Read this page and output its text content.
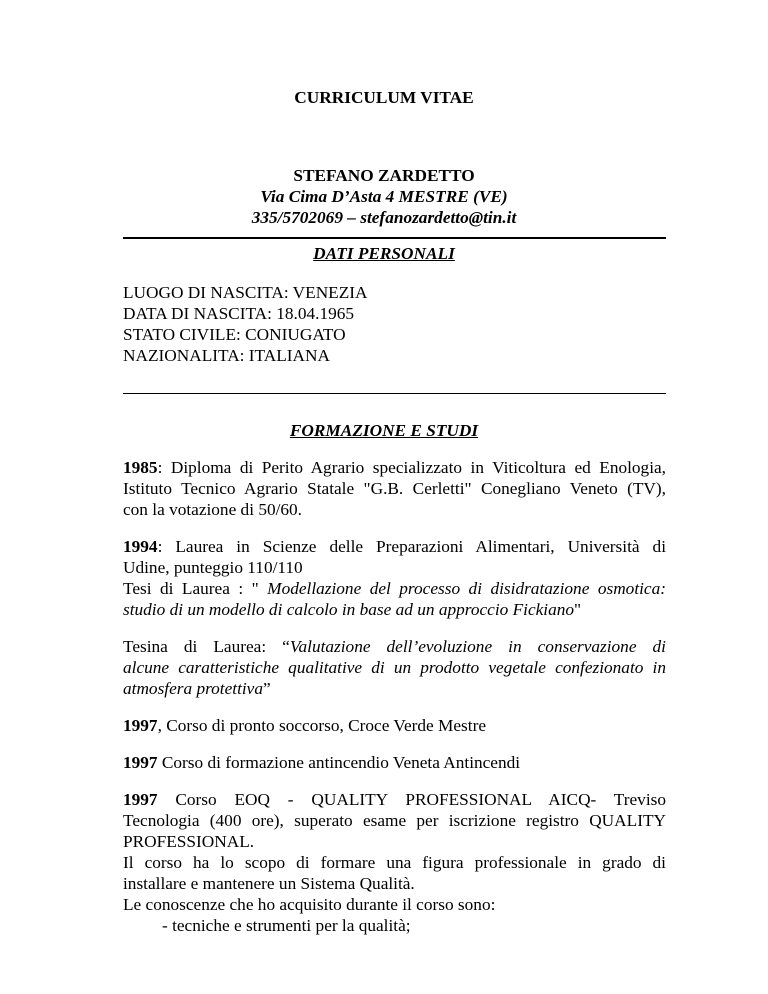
CURRICULUM VITAE
STEFANO ZARDETTO
Via Cima D’Asta 4 MESTRE (VE)
335/5702069 – stefanozardetto@tin.it
DATI PERSONALI
LUOGO DI NASCITA: VENEZIA
DATA DI NASCITA: 18.04.1965
STATO CIVILE: CONIUGATO
NAZIONALITA: ITALIANA
FORMAZIONE E STUDI
1985: Diploma di Perito Agrario specializzato in Viticoltura ed Enologia,
Istituto Tecnico Agrario Statale "G.B. Cerletti" Conegliano Veneto (TV),
con la votazione di 50/60.
1994: Laurea in Scienze delle Preparazioni Alimentari, Università di
Udine, punteggio 110/110
Tesi di Laurea : " Modellazione del processo di disidratazione osmotica:
studio di un modello di calcolo in base ad un approccio Fickiano"
Tesina di Laurea: “Valutazione dell’evoluzione in conservazione di
alcune caratteristiche qualitative di un prodotto vegetale confezionato in
atmosfera protettiva”
1997, Corso di pronto soccorso, Croce Verde Mestre
1997 Corso di formazione antincendio Veneta Antincendi
1997 Corso EOQ - QUALITY PROFESSIONAL AICQ- Treviso
Tecnologia (400 ore), superato esame per iscrizione registro QUALITY
PROFESSIONAL.
Il corso ha lo scopo di formare una figura professionale in grado di
installare e mantenere un Sistema Qualità.
Le conoscenze che ho acquisito durante il corso sono:
- tecniche e strumenti per la qualità;
